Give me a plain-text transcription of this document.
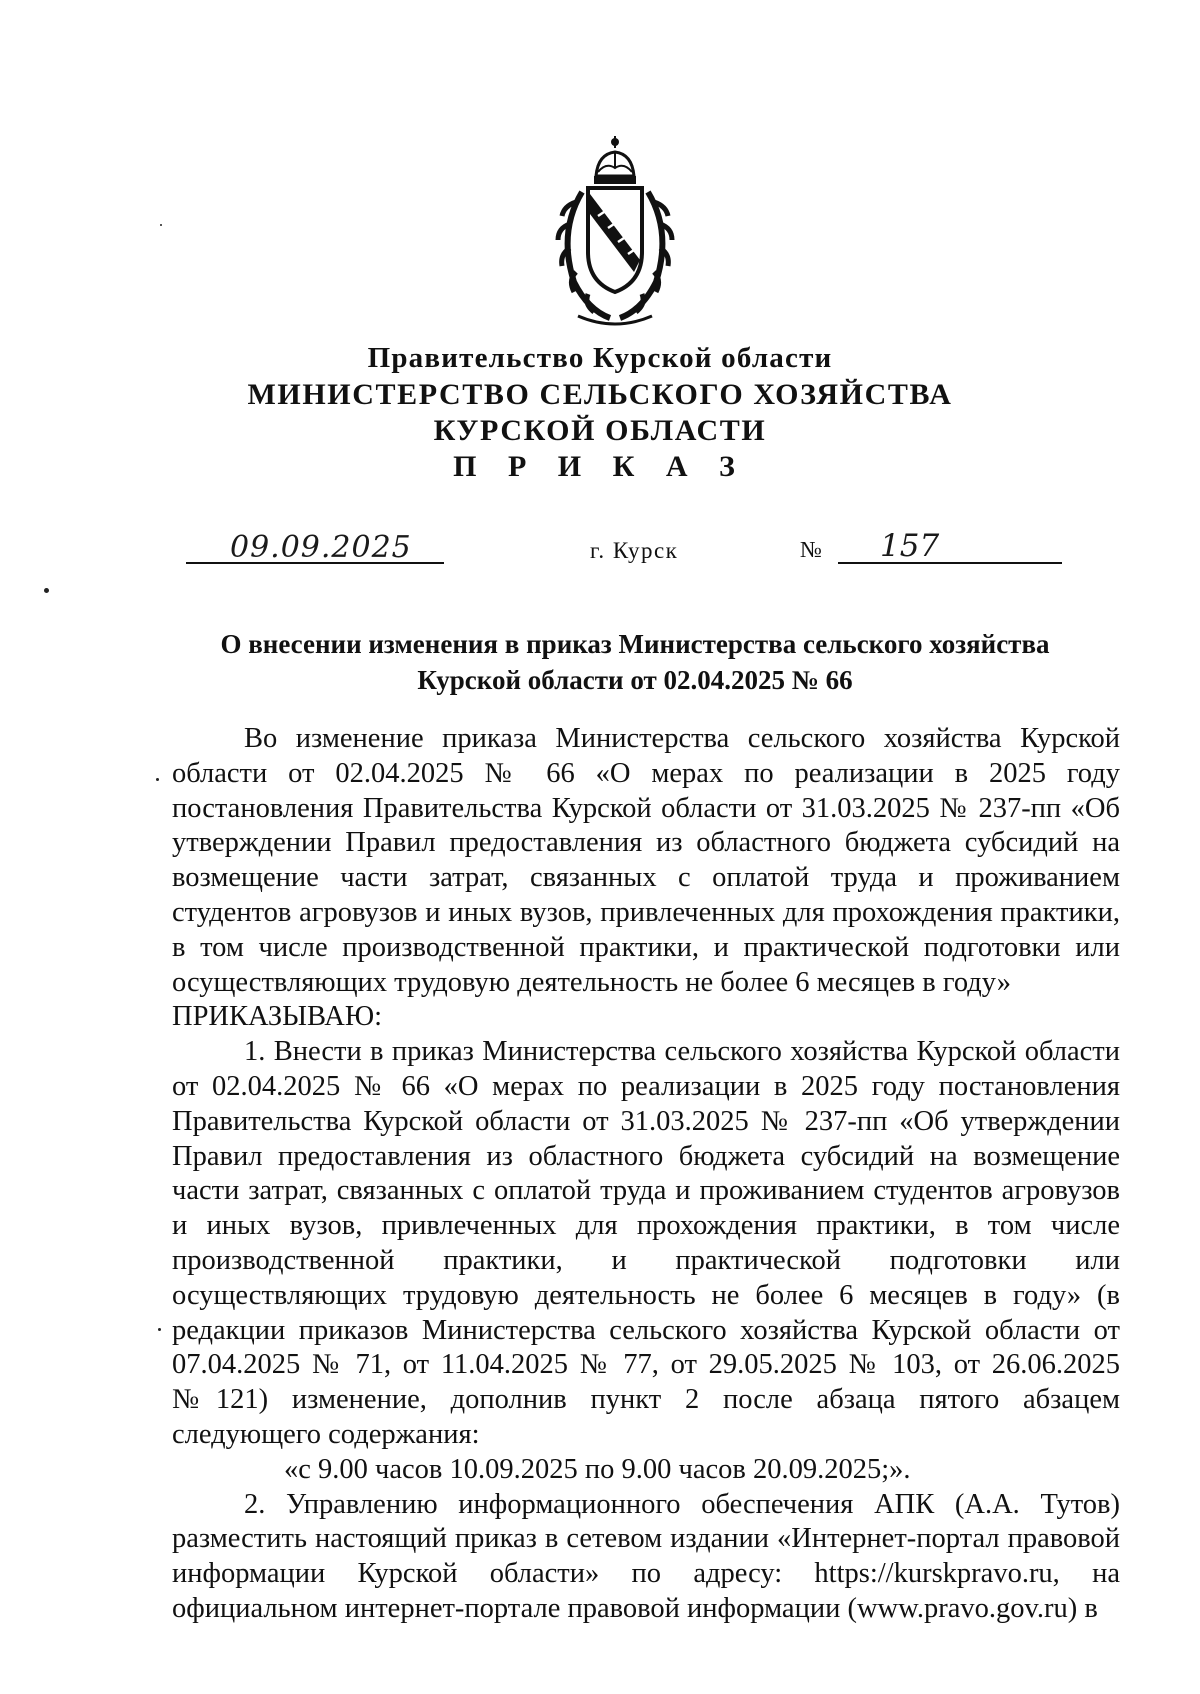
Правительство Курской области
МИНИСТЕРСТВО СЕЛЬСКОГО ХОЗЯЙСТВА
КУРСКОЙ ОБЛАСТИ
П Р И К А З
09.09.2025	г. Курск	№ 157
О внесении изменения в приказ Министерства сельского хозяйства
Курской области от 02.04.2025 № 66

Во изменение приказа Министерства сельского хозяйства Курской области от 02.04.2025 № 66 «О мерах по реализации в 2025 году постановления Правительства Курской области от 31.03.2025 № 237-пп «Об утверждении Правил предоставления из областного бюджета субсидий на возмещение части затрат, связанных с оплатой труда и проживанием студентов агровузов и иных вузов, привлеченных для прохождения практики, в том числе производственной практики, и практической подготовки или осуществляющих трудовую деятельность не более 6 месяцев в году»

ПРИКАЗЫВАЮ:

1. Внести в приказ Министерства сельского хозяйства Курской области от 02.04.2025 № 66 «О мерах по реализации в 2025 году постановления Правительства Курской области от 31.03.2025 № 237-пп «Об утверждении Правил предоставления из областного бюджета субсидий на возмещение части затрат, связанных с оплатой труда и проживанием студентов агровузов и иных вузов, привлеченных для прохождения практики, в том числе производственной практики, и практической подготовки или осуществляющих трудовую деятельность не более 6 месяцев в году» (в редакции приказов Министерства сельского хозяйства Курской области от 07.04.2025 № 71, от 11.04.2025 № 77, от 29.05.2025 № 103, от 26.06.2025 №121) изменение, дополнив пункт 2 после абзаца пятого абзацем следующего содержания:

«с 9.00 часов 10.09.2025 по 9.00 часов 20.09.2025;».

2. Управлению информационного обеспечения АПК (А.А. Тутов) разместить настоящий приказ в сетевом издании «Интернет-портал правовой информации Курской области» по адресу: https://kurskpravo.ru, на официальном интернет-портале правовой информации (www.pravo.gov.ru) в
